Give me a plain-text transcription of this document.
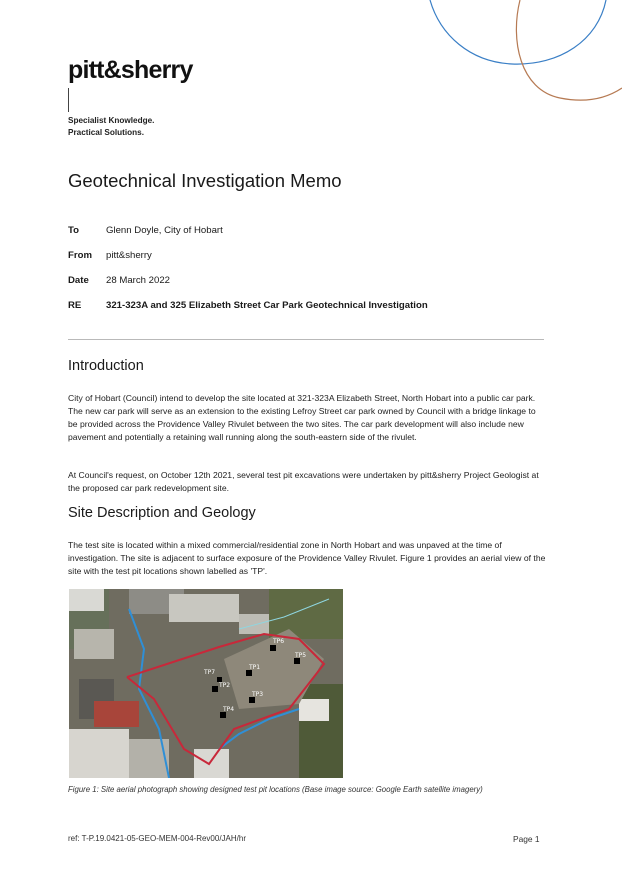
pitt&sherry
Specialist Knowledge.
Practical Solutions.
Geotechnical Investigation Memo
To	Glenn Doyle, City of Hobart
From pitt&sherry
Date 28 March 2022
RE	321-323A and 325 Elizabeth Street Car Park Geotechnical Investigation
Introduction

City of Hobart (Council) intend to develop the site located at 321-323A Elizabeth Street, North Hobart into a public car park. The new car park will serve as an extension to the existing Lefroy Street car park owned by Council with a bridge linkage to be provided across the Providence Valley Rivulet between the two sites. The car park development will also include new pavement and potentially a retaining wall running along the south-eastern side of the rivulet.

At Council's request, on October 12th 2021, several test pit excavations were undertaken by pitt&sherry Project Geologist at the proposed car park redevelopment site.

Site Description and Geology

The test site is located within a mixed commercial/residential zone in North Hobart and was unpaved at the time of investigation. The site is adjacent to surface exposure of the Providence Valley Rivulet. Figure 1 provides an aerial view of the site with the test pit locations shown labelled as 'TP'.

TP2
TP1
TP3
TP4
TP5
TP6
TP7
Figure 1: Site aerial photograph showing designed test pit locations (Base image source: Google Earth satellite imagery)
ref: T-P.19.0421-05-GEO-MEM-004-Rev00/JAH/hr	Page 1
